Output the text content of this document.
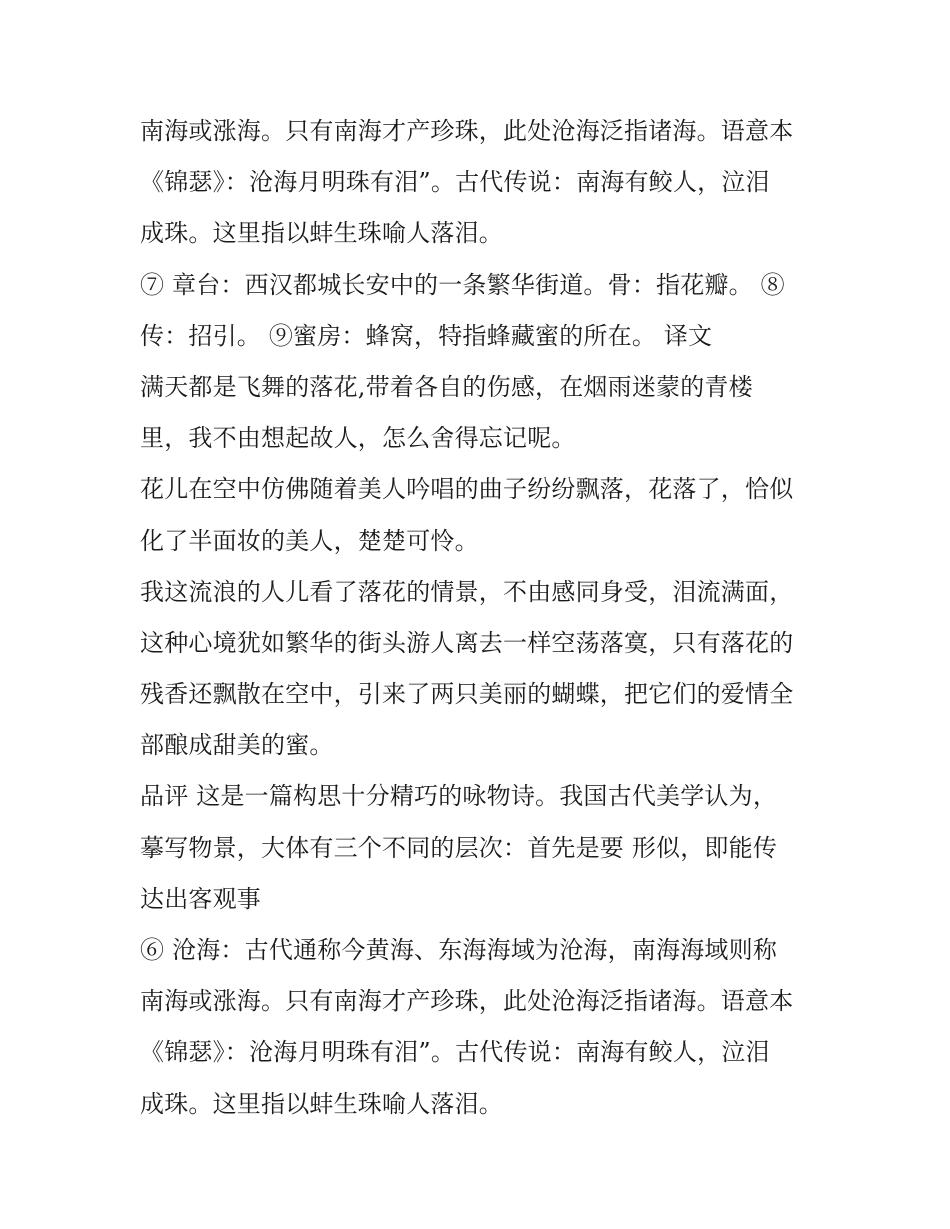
南海或涨海。只有南海才产珍珠，此处沧海泛指诸海。语意本
《锦瑟》：沧海月明珠有泪”。古代传说：南海有鲛人，泣泪
成珠。这里指以蚌生珠喻人落泪。
⑦ 章台：西汉都城长安中的一条繁华街道。骨：指花瓣。 ⑧
传：招引。 ⑨蜜房：蜂窝，特指蜂藏蜜的所在。 译文
满天都是飞舞的落花,带着各自的伤感，在烟雨迷蒙的青楼
里，我不由想起故人，怎么舍得忘记呢。
花儿在空中仿佛随着美人吟唱的曲子纷纷飘落，花落了，恰似
化了半面妆的美人，楚楚可怜。
我这流浪的人儿看了落花的情景，不由感同身受，泪流满面，
这种心境犹如繁华的街头游人离去一样空荡落寞，只有落花的
残香还飘散在空中，引来了两只美丽的蝴蝶，把它们的爱情全
部酿成甜美的蜜。
品评 这是一篇构思十分精巧的咏物诗。我国古代美学认为，
摹写物景，大体有三个不同的层次：首先是要 形似，即能传
达出客观事
⑥ 沧海：古代通称今黄海、东海海域为沧海，南海海域则称
南海或涨海。只有南海才产珍珠，此处沧海泛指诸海。语意本
《锦瑟》：沧海月明珠有泪”。古代传说：南海有鲛人，泣泪
成珠。这里指以蚌生珠喻人落泪。
